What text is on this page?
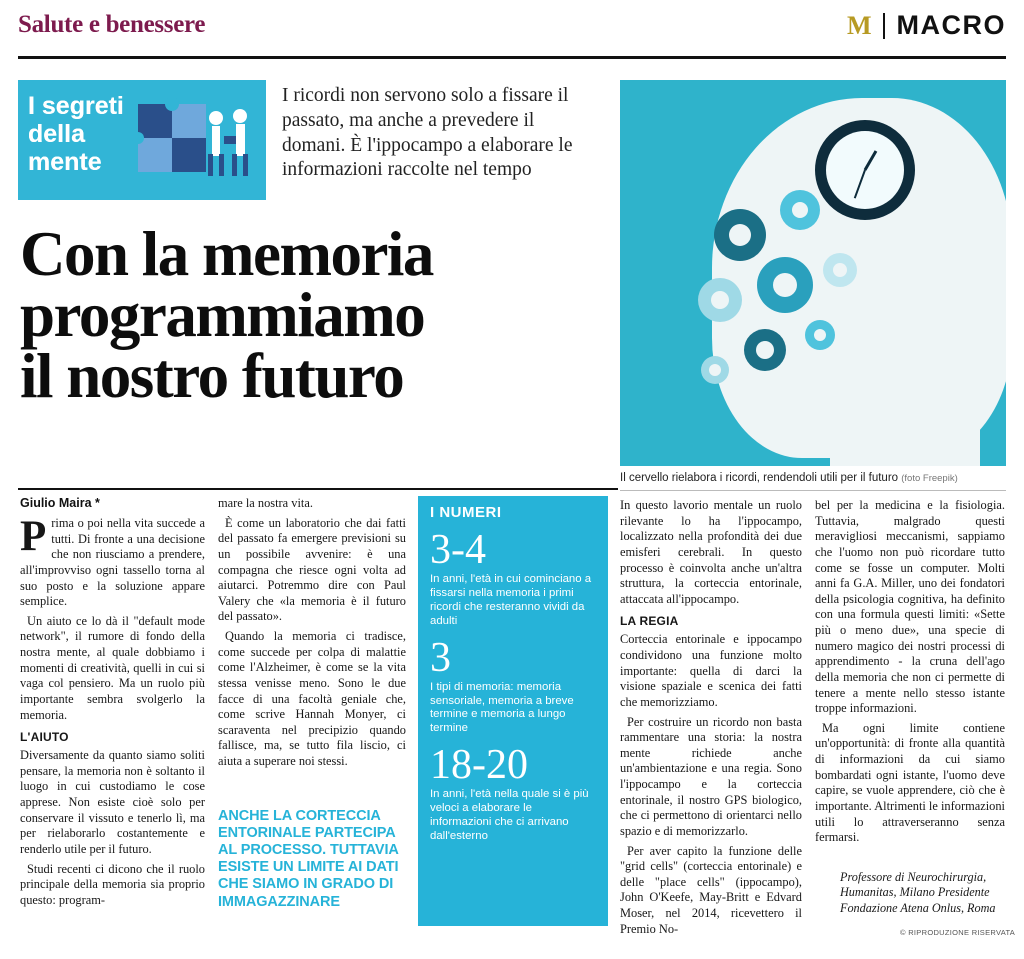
Salute e benessere	M MACRO
I segreti
della
mente
I ricordi non servono solo a fissare il passato, ma anche a prevedere il domani. È l'ippocampo a elaborare le informazioni raccolte nel tempo
Con la memoria
programmiamo
il nostro futuro
Il cervello rielabora i ricordi, rendendoli utili per il futuro (foto Freepik)
Giulio Maira *

Prima o poi nella vita succede a tutti. Di fronte a una decisione che non riusciamo a prendere, all'improvviso ogni tassello torna al suo posto e la soluzione appare semplice.

Un aiuto ce lo dà il "default mode network", il rumore di fondo della nostra mente, al quale dobbiamo i momenti di creatività, quelli in cui si vaga col pensiero. Ma un ruolo più importante sembra svolgerlo la memoria.

L'AIUTO

Diversamente da quanto siamo soliti pensare, la memoria non è soltanto il luogo in cui custodiamo le cose apprese. Non esiste cioè solo per conservare il vissuto e tenerlo lì, ma per rielaborarlo costantemente e renderlo utile per il futuro.

Studi recenti ci dicono che il ruolo principale della memoria sia proprio questo: program-

mare la nostra vita.

È come un laboratorio che dai fatti del passato fa emergere previsioni su un possibile avvenire: è una compagna che riesce ogni volta ad aiutarci. Potremmo dire con Paul Valery che «la memoria è il futuro del passato».

Quando la memoria ci tradisce, come succede per colpa di malattie come l'Alzheimer, è come se la vita stessa venisse meno. Sono le due facce di una facoltà geniale che, come scrive Hannah Monyer, ci scaraventa nel precipizio quando fallisce, ma, se tutto fila liscio, ci aiuta a superare noi stessi.

In questo lavorio mentale un ruolo rilevante lo ha l'ippocampo, localizzato nella profondità dei due emisferi cerebrali. In questo processo è coinvolta anche un'altra struttura, la corteccia entorinale, attaccata all'ippocampo.

LA REGIA

Corteccia entorinale e ippocampo condividono una funzione molto importante: quella di darci la visione spaziale e scenica dei fatti che memorizziamo.

Per costruire un ricordo non basta rammentare una storia: la nostra mente richiede anche un'ambientazione e una regia. Sono l'ippocampo e la corteccia entorinale, il nostro GPS biologico, che ci permettono di orientarci nello spazio e di memorizzarlo.

Per aver capito la funzione delle "grid cells" (corteccia entorinale) e delle "place cells" (ippocampo), John O'Keefe, May-Britt e Edvard Moser, nel 2014, ricevettero il Premio No-

bel per la medicina e la fisiologia. Tuttavia, malgrado questi meravigliosi meccanismi, sappiamo che l'uomo non può ricordare tutto come se fosse un computer. Molti anni fa G.A. Miller, uno dei fondatori della psicologia cognitiva, ha definito con una formula questi limiti: «Sette più o meno due», una specie di numero magico dei nostri processi di apprendimento - la cruna dell'ago della memoria che non ci permette di tenere a mente nello stesso istante troppe informazioni.

Ma ogni limite contiene un'opportunità: di fronte alla quantità di informazioni da cui siamo bombardati ogni istante, l'uomo deve capire, se vuole apprendere, ciò che è importante. Altrimenti le informazioni utili lo attraverseranno senza fermarsi.

I NUMERI
3-4
In anni, l'età in cui cominciano a fissarsi nella memoria i primi ricordi che resteranno vividi da adulti
3
I tipi di memoria: memoria sensoriale, memoria a breve termine e memoria a lungo termine
18-20
In anni, l'età nella quale si è più veloci a elaborare le informazioni che ci arrivano dall'esterno
ANCHE LA CORTECCIA ENTORINALE PARTECIPA AL PROCESSO. TUTTAVIA ESISTE UN LIMITE AI DATI CHE SIAMO IN GRADO DI IMMAGAZZINARE
Professore di Neurochirurgia, Humanitas, Milano Presidente Fondazione Atena Onlus, Roma
© RIPRODUZIONE RISERVATA
